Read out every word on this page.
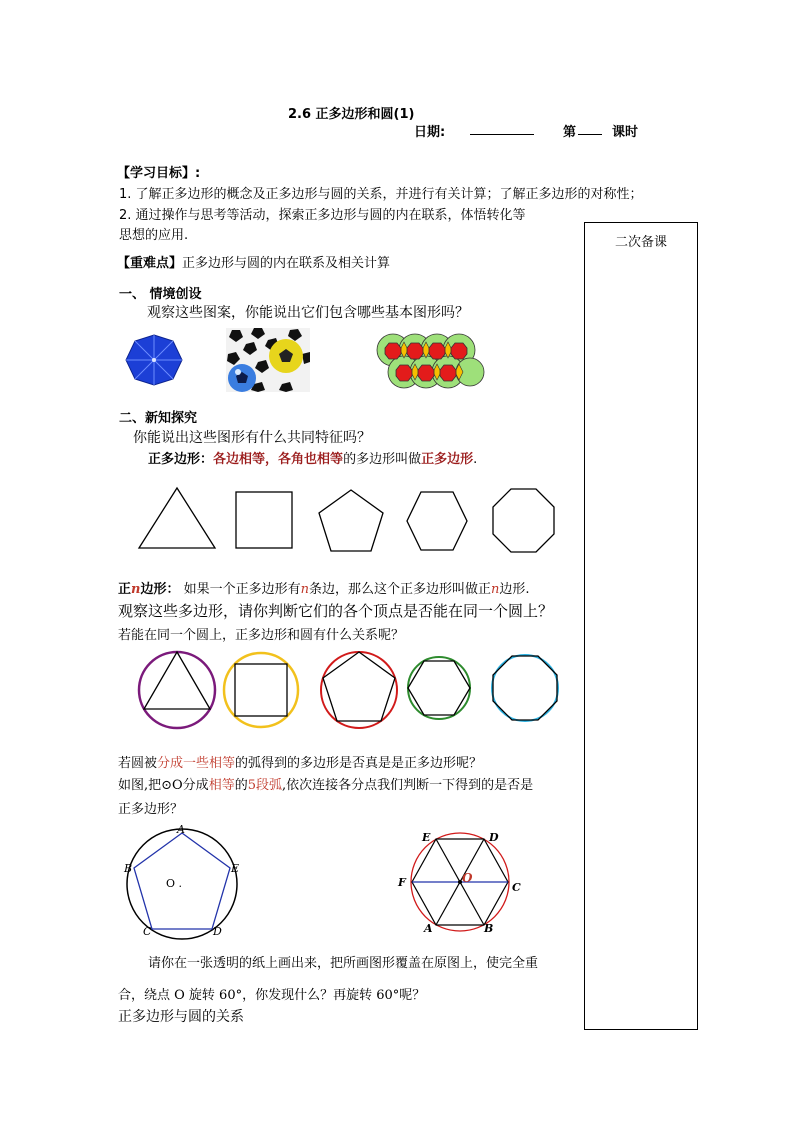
2.6 正多边形和圆(1)
日期:	第	课时
【学习目标】:
1. 了解正多边形的概念及正多边形与圆的关系，并进行有关计算；了解正多边形的对称性；
2. 通过操作与思考等活动，探索正多边形与圆的内在联系，体悟转化等
思想的应用.	二次备课
【重难点】正多边形与圆的内在联系及相关计算
一、 情境创设
观察这些图案，你能说出它们包含哪些基本图形吗？
二、新知探究
你能说出这些图形有什么共同特征吗？
正多边形：各边相等，各角也相等的多边形叫做正多边形.
正n边形： 如果一个正多边形有n条边，那么这个正多边形叫做正n边形.
观察这些多边形，请你判断它们的各个顶点是否能在同一个圆上？
若能在同一个圆上，正多边形和圆有什么关系呢？
若圆被分成一些相等的弧得到的多边形是否真是是正多边形呢？
如图,把⊙O分成相等的5段弧,依次连接各分点我们判断一下得到的是否是
正多边形？
A
B	E
C	D
O .
E	D
F	C
A	B
O
请你在一张透明的纸上画出来，把所画图形覆盖在原图上，使完全重
合，绕点 O 旋转 60°，你发现什么？再旋转 60°呢？
正多边形与圆的关系
